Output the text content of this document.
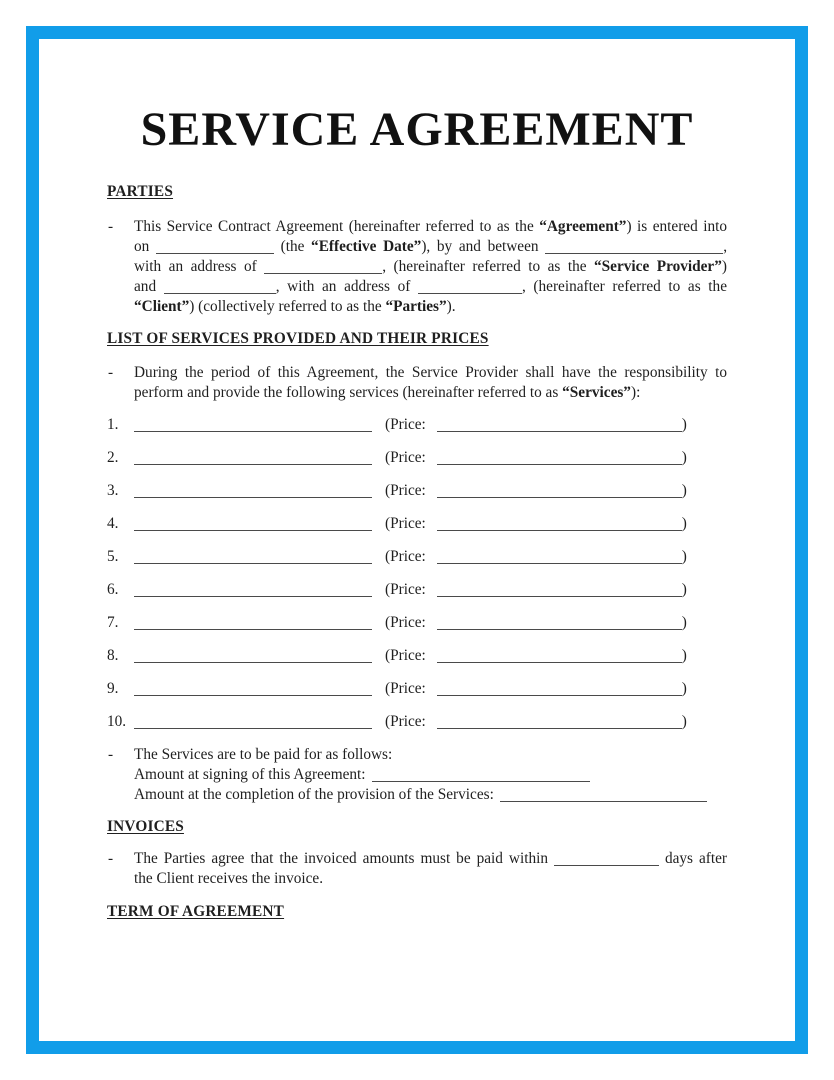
SERVICE AGREEMENT
PARTIES
- This Service Contract Agreement (hereinafter referred to as the “Agreement”) is entered into
on	(the “Effective Date”), by and between	,
with an address of	, (hereinafter referred to as the “Service Provider”)
and	, with an address of	, (hereinafter referred to as the
“Client”) (collectively referred to as the “Parties”).
LIST OF SERVICES PROVIDED AND THEIR PRICES
- During the period of this Agreement, the Service Provider shall have the responsibility to
perform and provide the following services (hereinafter referred to as “Services”):
1.	(Price:	)
2.	(Price:	)
3.	(Price:	)
4.	(Price:	)
5.	(Price:	)
6.	(Price:	)
7.	(Price:	)
8.	(Price:	)
9.	(Price:	)
10.	(Price:	)
- The Services are to be paid for as follows:
Amount at signing of this Agreement:
Amount at the completion of the provision of the Services:
INVOICES
- The Parties agree that the invoiced amounts must be paid within	days after
the Client receives the invoice.
TERM OF AGREEMENT
